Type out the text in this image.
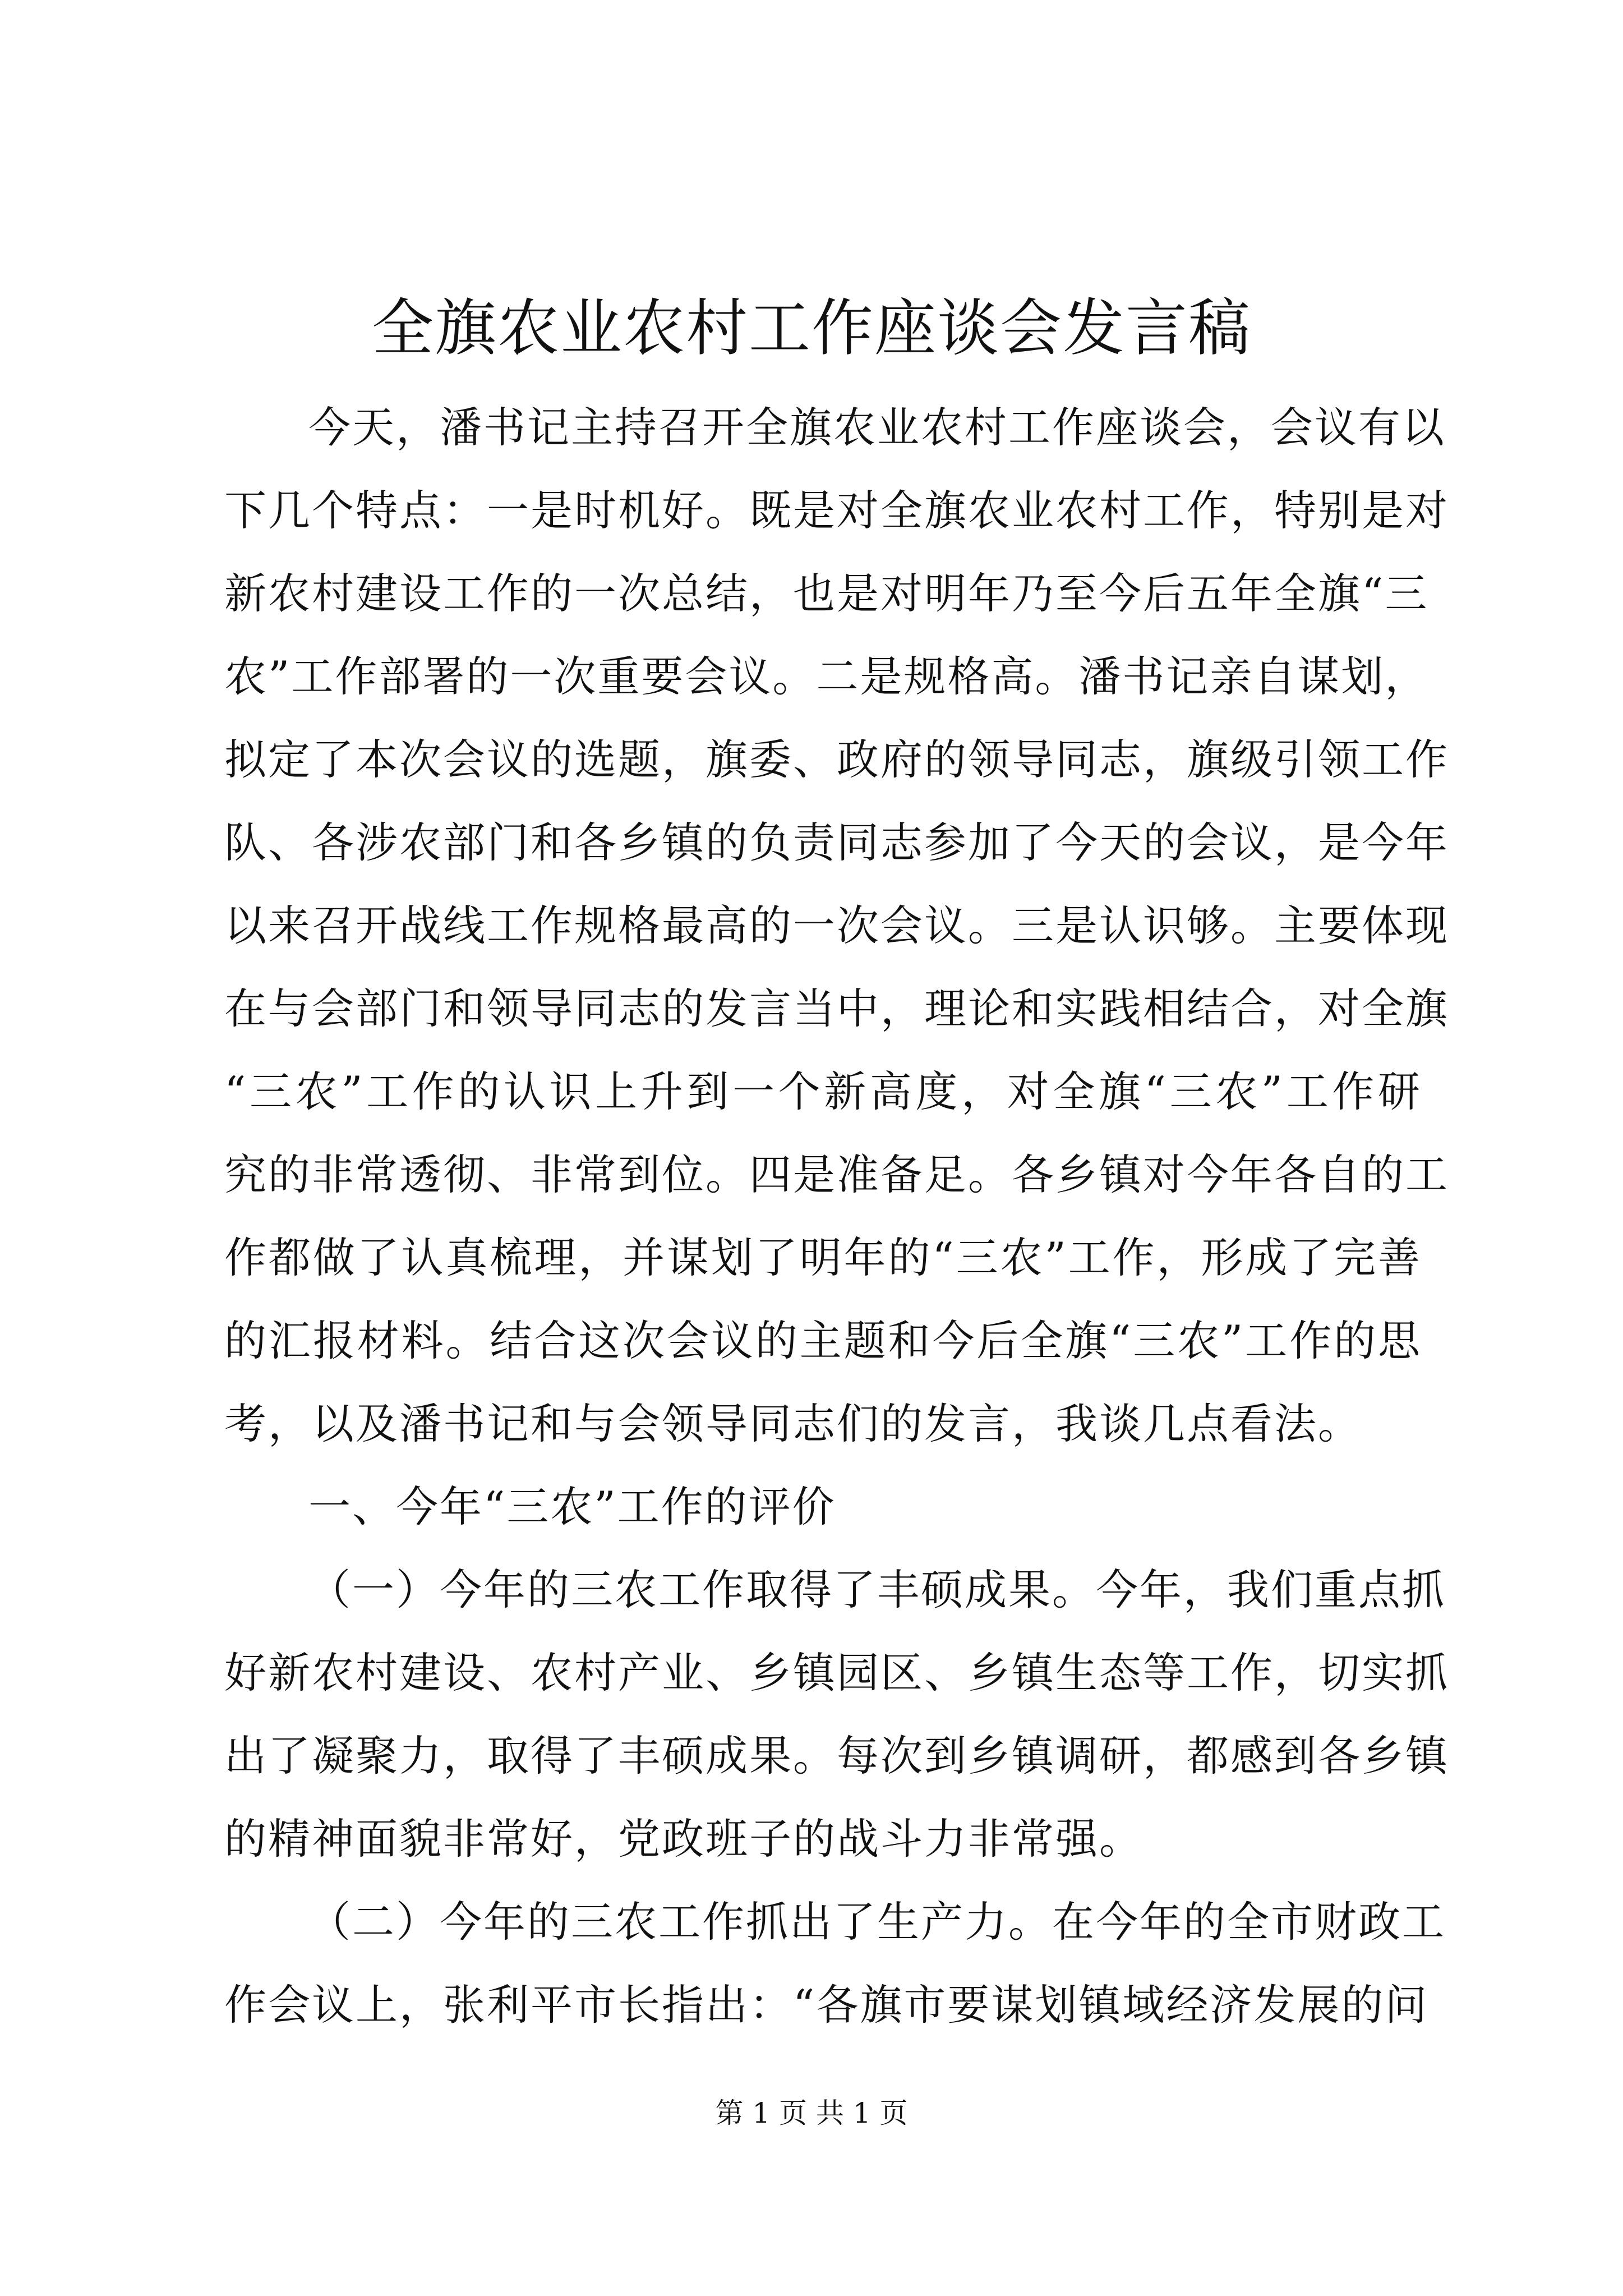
全旗农业农村工作座谈会发言稿
今天，潘书记主持召开全旗农业农村工作座谈会，会议有以
下几个特点：一是时机好。既是对全旗农业农村工作，特别是对
新农村建设工作的一次总结，也是对明年乃至今后五年全旗“三
农”工作部署的一次重要会议。二是规格高。潘书记亲自谋划，
拟定了本次会议的选题，旗委、政府的领导同志，旗级引领工作
队、各涉农部门和各乡镇的负责同志参加了今天的会议，是今年
以来召开战线工作规格最高的一次会议。三是认识够。主要体现
在与会部门和领导同志的发言当中，理论和实践相结合，对全旗
“三农”工作的认识上升到一个新高度，对全旗“三农”工作研
究的非常透彻、非常到位。四是准备足。各乡镇对今年各自的工
作都做了认真梳理，并谋划了明年的“三农”工作，形成了完善
的汇报材料。结合这次会议的主题和今后全旗“三农”工作的思
考，以及潘书记和与会领导同志们的发言，我谈几点看法。
一、今年“三农”工作的评价
（一）今年的三农工作取得了丰硕成果。今年，我们重点抓
好新农村建设、农村产业、乡镇园区、乡镇生态等工作，切实抓
出了凝聚力，取得了丰硕成果。每次到乡镇调研，都感到各乡镇
的精神面貌非常好，党政班子的战斗力非常强。
（二）今年的三农工作抓出了生产力。在今年的全市财政工
作会议上，张利平市长指出：“各旗市要谋划镇域经济发展的问
第 1 页 共 1 页
